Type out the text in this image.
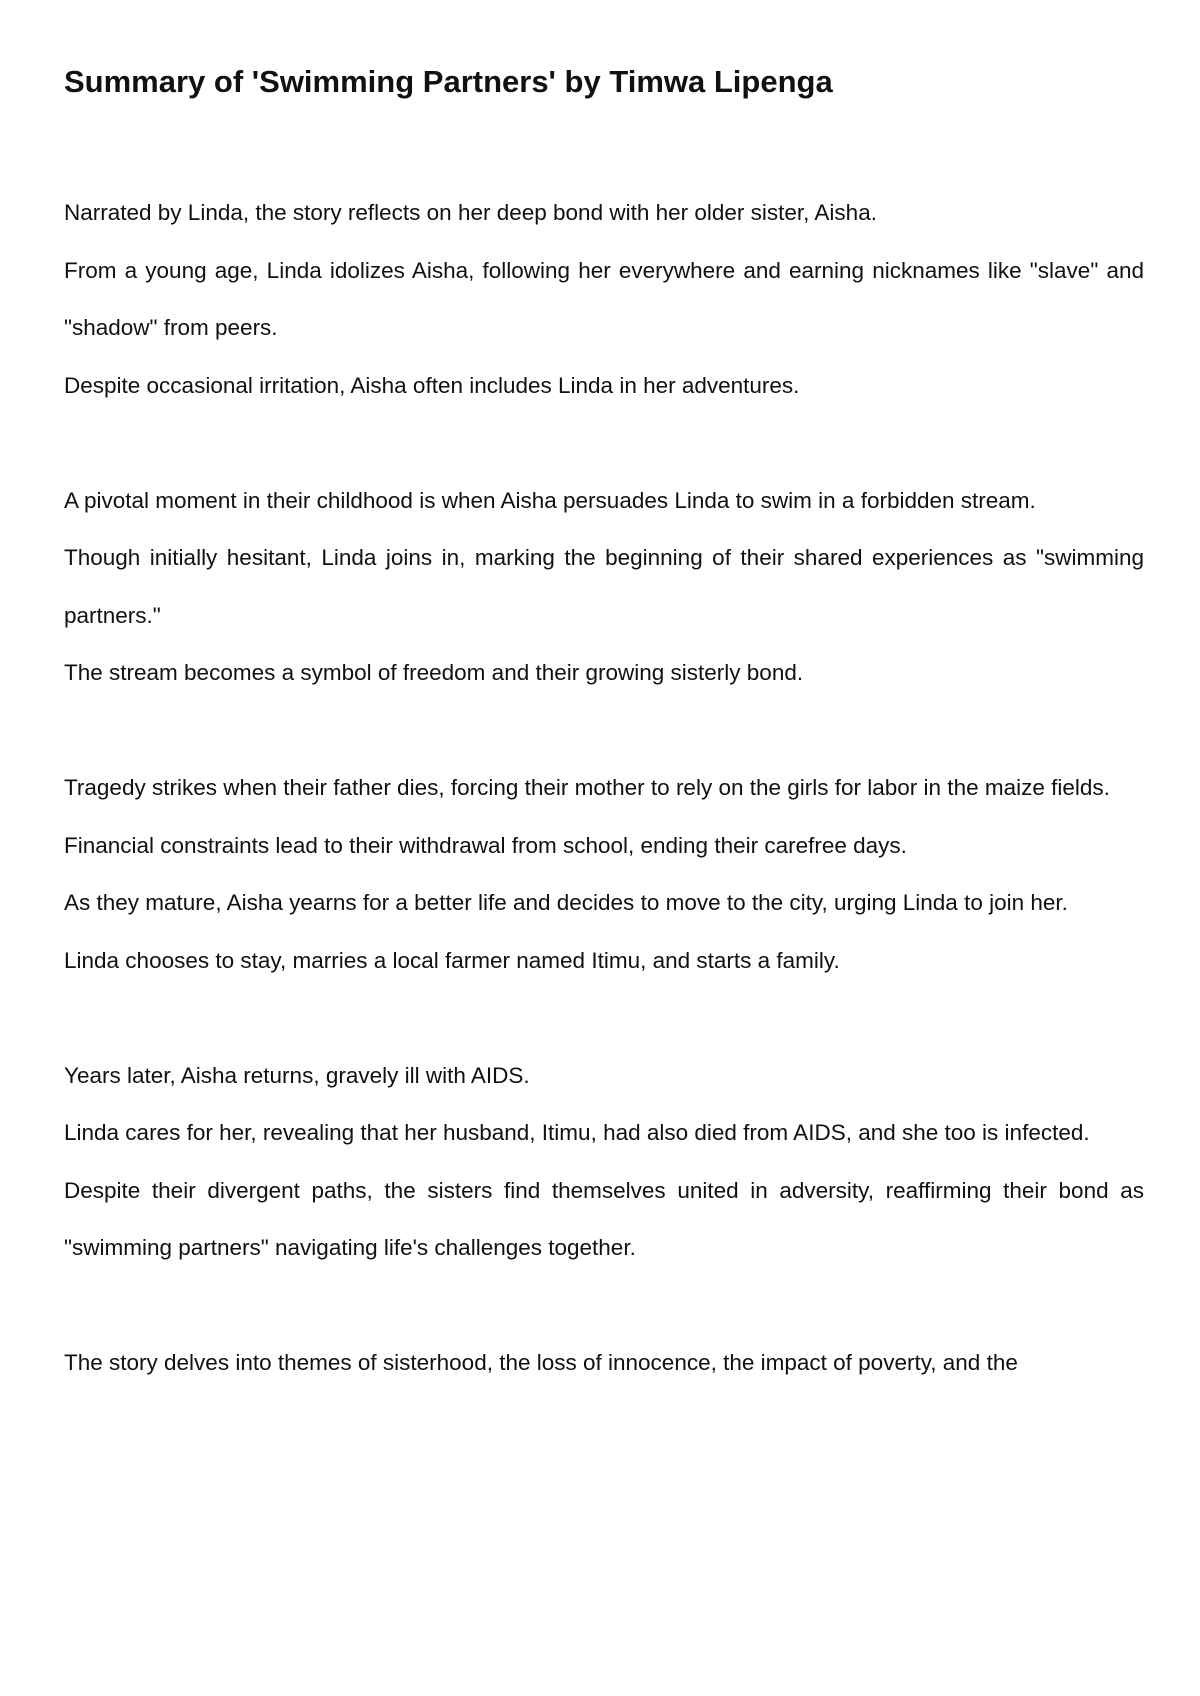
Summary of 'Swimming Partners' by Timwa Lipenga

Narrated by Linda, the story reflects on her deep bond with her older sister, Aisha.

From a young age, Linda idolizes Aisha, following her everywhere and earning nicknames like "slave" and "shadow" from peers.

Despite occasional irritation, Aisha often includes Linda in her adventures.

A pivotal moment in their childhood is when Aisha persuades Linda to swim in a forbidden stream.

Though initially hesitant, Linda joins in, marking the beginning of their shared experiences as "swimming partners."

The stream becomes a symbol of freedom and their growing sisterly bond.

Tragedy strikes when their father dies, forcing their mother to rely on the girls for labor in the maize fields.

Financial constraints lead to their withdrawal from school, ending their carefree days.

As they mature, Aisha yearns for a better life and decides to move to the city, urging Linda to join her.

Linda chooses to stay, marries a local farmer named Itimu, and starts a family.

Years later, Aisha returns, gravely ill with AIDS.

Linda cares for her, revealing that her husband, Itimu, had also died from AIDS, and she too is infected.

Despite their divergent paths, the sisters find themselves united in adversity, reaffirming their bond as "swimming partners" navigating life's challenges together.

The story delves into themes of sisterhood, the loss of innocence, the impact of poverty, and the
